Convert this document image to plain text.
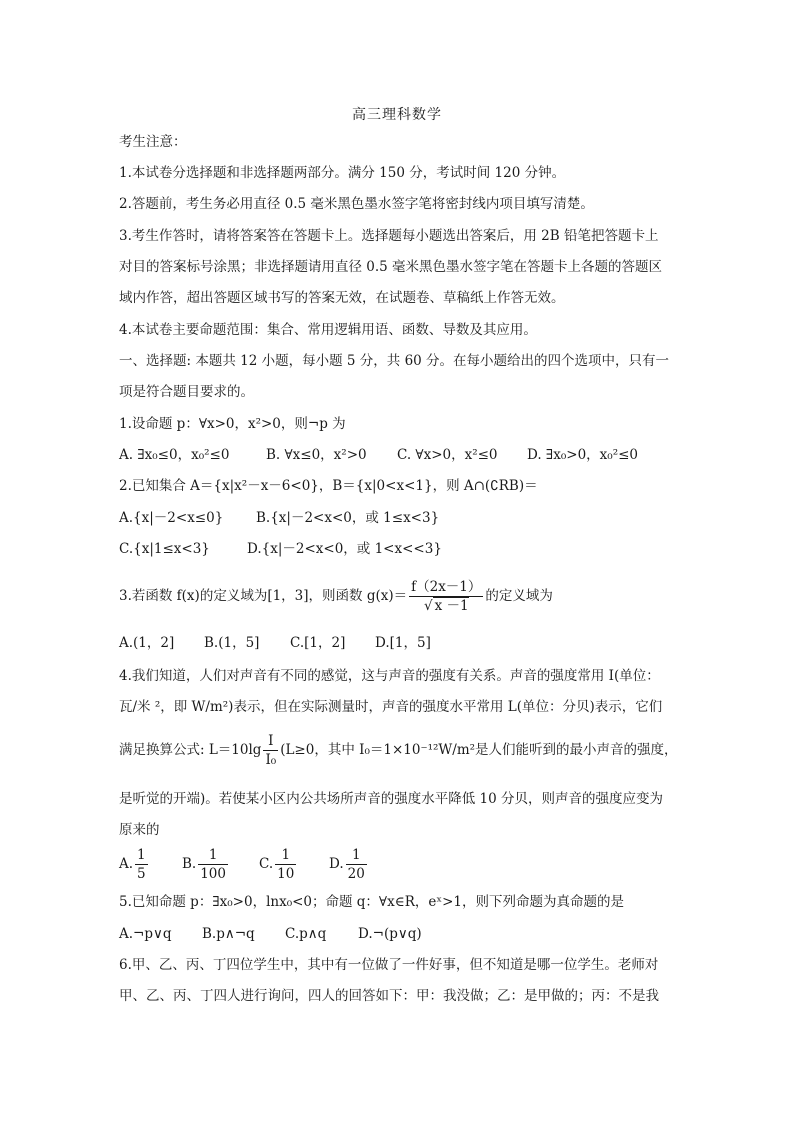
高三理科数学
考生注意：
1.本试卷分选择题和非选择题两部分。满分 150 分，考试时间 120 分钟。
2.答题前，考生务必用直径 0.5 毫米黑色墨水签字笔将密封线内项目填写清楚。
3.考生作答时，请将答案答在答题卡上。选择题每小题选出答案后，用 2B 铅笔把答题卡上
对目的答案标号涂黑；非选择题请用直径 0.5 毫米黑色墨水签字笔在答题卡上各题的答题区
域内作答，超出答题区域书写的答案无效，在试题卷、草稿纸上作答无效。
4.本试卷主要命题范围：集合、常用逻辑用语、函数、导数及其应用。
一、选择题: 本题共 12 小题，每小题 5 分，共 60 分。在每小题给出的四个选项中，只有一
项是符合题目要求的。
1.设命题 p：∀x>0，x²>0，则¬p 为
A. ∃x₀≤0，x₀²≤0	B. ∀x≤0，x²>0 C. ∀x>0，x²≤0 D. ∃x₀>0，x₀²≤0
2.已知集合 A＝{x|x²－x－6<0}，B＝{x|0<x<1}，则 A∩(∁RB)＝
A.{x|－2<x≤0} B.{x|－2<x<0，或 1≤x<3}
C.{x|1≤x<3}	D.{x|－2<x<0，或 1<x<<3}
3.若函数 f(x)的定义域为[1，3]，则函数 $g(x)= \frac{f(2x-1)}{√ x -1}$ 的定义域为
A.(1，2] B.(1，5] C.[1，2] D.[1，5]
4.我们知道，人们对声音有不同的感觉，这与声音的强度有关系。声音的强度常用 I(单位：
瓦/米 ²，即 W/m²)表示，但在实际测量时，声音的强度水平常用 L(单位：分贝)表示，它们
满足换算公式: $L=10\lg \frac{I}{\text{I₀}} (L\ge 0$，其中 I₀＝1×10⁻¹²W/m²是人们能听到的最小声音的强度，
是听觉的开端)。若使某小区内公共场所声音的强度水平降低 10 分贝，则声音的强度应变为
原来的
A. $\frac{1}{5}$	B. $\frac{1}{100} C$. $\frac{1}{10} D$. $\frac{1}{20}$
5.已知命题 p：∃x₀>0，lnx₀<0；命题 q：∀x∈R，eˣ>1，则下列命题为真命题的是
A.¬p∨q B.p∧¬q C.p∧q D.¬(p∨q)
6.甲、乙、丙、丁四位学生中，其中有一位做了一件好事，但不知道是哪一位学生。老师对
甲、乙、丙、丁四人进行询问，四人的回答如下：甲：我没做；乙：是甲做的；丙：不是我
